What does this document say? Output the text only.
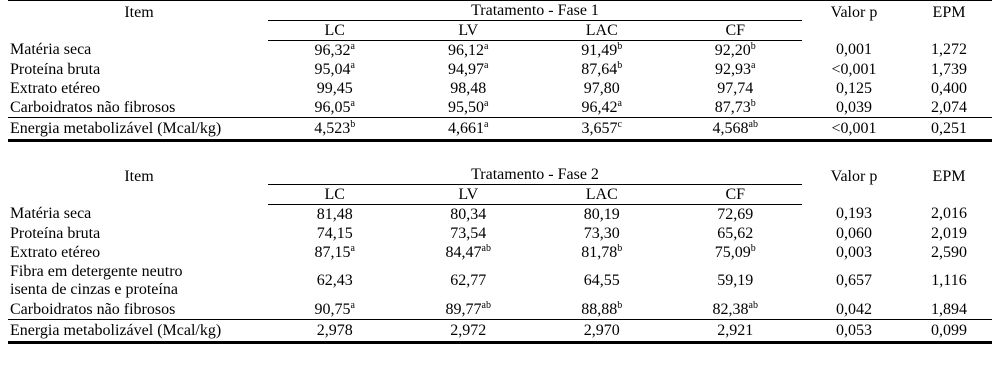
Item	Tratamento - Fase 1				Valor p	EPM
	LC	LV	LAC	CF		
Matéria seca	96,32$^a$	96,12$^a$	91,49$^b$	92,20$^b$	0,001	1,272
Proteína bruta	95,04$^a$	94,97$^a$	87,64$^b$	92,93$^a$	<0,001	1,739
Extrato etéreo	99,45	98,48	97,80	97,74	0,125	0,400
Carboidratos não fibrosos	96,05$^a$	95,50$^a$	96,42$^a$	87,73$^b$	0,039	2,074
Energia metabolizável (Mcal/kg)	4,523$^b$	4,661$^a$	3,657$^c$	4,568$^{ab}$	<0,001	0,251
Item	Tratamento - Fase 2				Valor p	EPM
	LC	LV	LAC	CF		
Matéria seca	81,48	80,34	80,19	72,69	0,193	2,016
Proteína bruta	74,15	73,54	73,30	65,62	0,060	2,019
Extrato etéreo	87,15$^a$	84,47$^{ab}$	81,78$^b$	75,09$^b$	0,003	2,590

Fibra em detergente neutro
isenta de cinzas e proteína	62,43	62,77	64,55	59,19	0,657	1,116
Carboidratos não fibrosos	90,75$^a$	89,77$^{ab}$	88,88$^b$	82,38$^{ab}$	0,042	1,894
Energia metabolizável (Mcal/kg)	2,978	2,972	2,970	2,921	0,053	0,099
